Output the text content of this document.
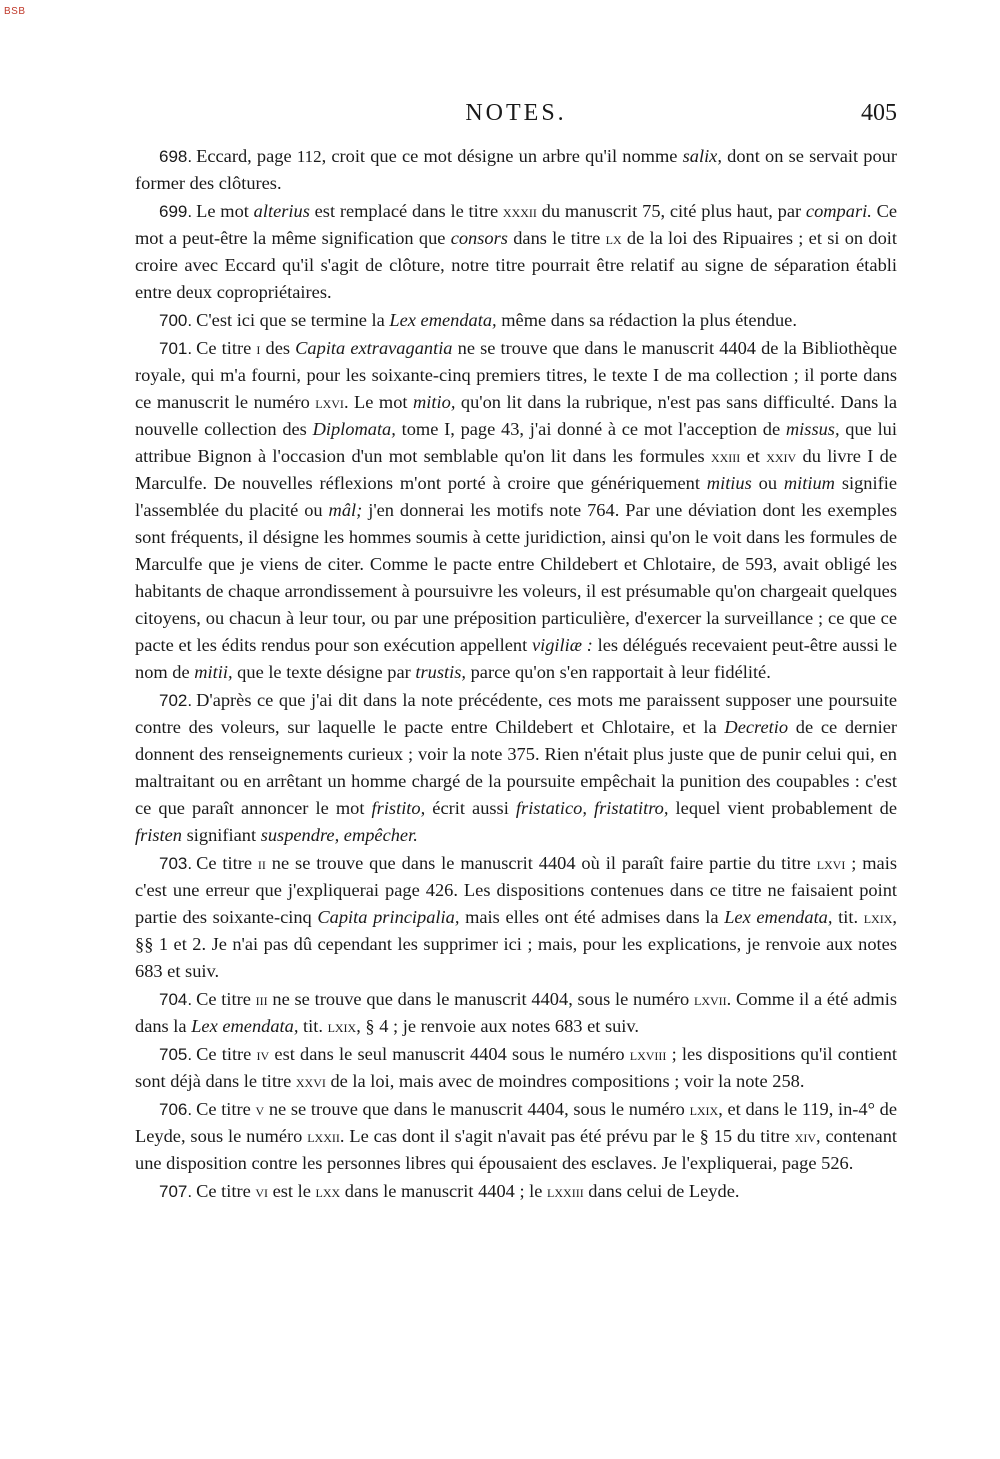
BSB
NOTES.	405

698. Eccard, page 112, croit que ce mot désigne un arbre qu'il nomme salix, dont on se servait pour former des clôtures.

699. Le mot alterius est remplacé dans le titre xxxii du manuscrit 75, cité plus haut, par compari. Ce mot a peut-être la même signification que consors dans le titre lx de la loi des Ripuaires ; et si on doit croire avec Eccard qu'il s'agit de clôture, notre titre pourrait être relatif au signe de séparation établi entre deux copropriétaires.

700. C'est ici que se termine la Lex emendata, même dans sa rédaction la plus étendue.

701. Ce titre i des Capita extravagantia ne se trouve que dans le manuscrit 4404 de la Bibliothèque royale, qui m'a fourni, pour les soixante-cinq premiers titres, le texte I de ma collection ; il porte dans ce manuscrit le numéro lxvi. Le mot mitio, qu'on lit dans la rubrique, n'est pas sans difficulté. Dans la nouvelle collection des Diplomata, tome I, page 43, j'ai donné à ce mot l'acception de missus, que lui attribue Bignon à l'occasion d'un mot semblable qu'on lit dans les formules xxiii et xxiv du livre I de Marculfe. De nouvelles réflexions m'ont porté à croire que génériquement mitius ou mitium signifie l'assemblée du placité ou mâl; j'en donnerai les motifs note 764. Par une déviation dont les exemples sont fréquents, il désigne les hommes soumis à cette juridiction, ainsi qu'on le voit dans les formules de Marculfe que je viens de citer. Comme le pacte entre Childebert et Chlotaire, de 593, avait obligé les habitants de chaque arrondissement à poursuivre les voleurs, il est présumable qu'on chargeait quelques citoyens, ou chacun à leur tour, ou par une préposition particulière, d'exercer la surveillance ; ce que ce pacte et les édits rendus pour son exécution appellent vigiliæ : les délégués recevaient peut-être aussi le nom de mitii, que le texte désigne par trustis, parce qu'on s'en rapportait à leur fidélité.

702. D'après ce que j'ai dit dans la note précédente, ces mots me paraissent supposer une poursuite contre des voleurs, sur laquelle le pacte entre Childebert et Chlotaire, et la Decretio de ce dernier donnent des renseignements curieux ; voir la note 375. Rien n'était plus juste que de punir celui qui, en maltraitant ou en arrêtant un homme chargé de la poursuite empêchait la punition des coupables : c'est ce que paraît annoncer le mot fristito, écrit aussi fristatico, fristatitro, lequel vient probablement de fristen signifiant suspendre, empêcher.

703. Ce titre ii ne se trouve que dans le manuscrit 4404 où il paraît faire partie du titre lxvi ; mais c'est une erreur que j'expliquerai page 426. Les dispositions contenues dans ce titre ne faisaient point partie des soixante-cinq Capita principalia, mais elles ont été admises dans la Lex emendata, tit. lxix, §§ 1 et 2. Je n'ai pas dû cependant les supprimer ici ; mais, pour les explications, je renvoie aux notes 683 et suiv.

704. Ce titre iii ne se trouve que dans le manuscrit 4404, sous le numéro lxvii. Comme il a été admis dans la Lex emendata, tit. lxix, § 4 ; je renvoie aux notes 683 et suiv.

705. Ce titre iv est dans le seul manuscrit 4404 sous le numéro lxviii ; les dispositions qu'il contient sont déjà dans le titre xxvi de la loi, mais avec de moindres compositions ; voir la note 258.

706. Ce titre v ne se trouve que dans le manuscrit 4404, sous le numéro lxix, et dans le 119, in-4° de Leyde, sous le numéro lxxii. Le cas dont il s'agit n'avait pas été prévu par le § 15 du titre xiv, contenant une disposition contre les personnes libres qui épousaient des esclaves. Je l'expliquerai, page 526.

707. Ce titre vi est le lxx dans le manuscrit 4404 ; le lxxiii dans celui de Leyde.
